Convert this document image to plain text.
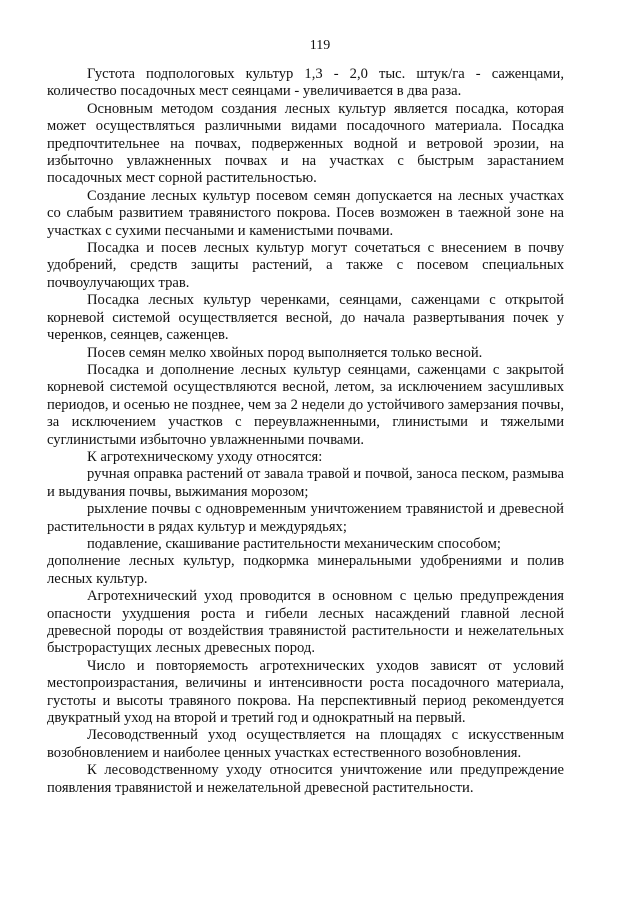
119

Густота подпологовых культур 1,3 - 2,0 тыс. штук/га - саженцами, количество посадочных мест сеянцами - увеличивается в два раза.

Основным методом создания лесных культур является посадка, которая может осуществляться различными видами посадочного материала. Посадка предпочтительнее на почвах, подверженных водной и ветровой эрозии, на избыточно увлажненных почвах и на участках с быстрым зарастанием посадочных мест сорной растительностью.

Создание лесных культур посевом семян допускается на лесных участках со слабым развитием травянистого покрова. Посев возможен в таежной зоне на участках с сухими песчаными и каменистыми почвами.

Посадка и посев лесных культур могут сочетаться с внесением в почву удобрений, средств защиты растений, а также с посевом специальных почвоулучающих трав.

Посадка лесных культур черенками, сеянцами, саженцами с открытой корневой системой осуществляется весной, до начала развертывания почек у черенков, сеянцев, саженцев.

Посев семян мелко хвойных пород выполняется только весной.

Посадка и дополнение лесных культур сеянцами, саженцами с закрытой корневой системой осуществляются весной, летом, за исключением засушливых периодов, и осенью не позднее, чем за 2 недели до устойчивого замерзания почвы, за исключением участков с переувлажненными, глинистыми и тяжелыми суглинистыми избыточно увлажненными почвами.

К агротехническому уходу относятся:

ручная оправка растений от завала травой и почвой, заноса песком, размыва и выдувания почвы, выжимания морозом;

рыхление почвы с одновременным уничтожением травянистой и древесной растительности в рядах культур и междурядьях;

подавление, скашивание растительности механическим способом;

дополнение лесных культур, подкормка минеральными удобрениями и полив лесных культур.

Агротехнический уход проводится в основном с целью предупреждения опасности ухудшения роста и гибели лесных насаждений главной лесной древесной породы от воздействия травянистой растительности и нежелательных быстрорастущих лесных древесных пород.

Число и повторяемость агротехнических уходов зависят от условий местопроизрастания, величины и интенсивности роста посадочного материала, густоты и высоты травяного покрова. На перспективный период рекомендуется двукратный уход на второй и третий год и однократный на первый.

Лесоводственный уход осуществляется на площадях с искусственным возобновлением и наиболее ценных участках естественного возобновления.

К лесоводственному уходу относится уничтожение или предупреждение появления травянистой и нежелательной древесной растительности.
